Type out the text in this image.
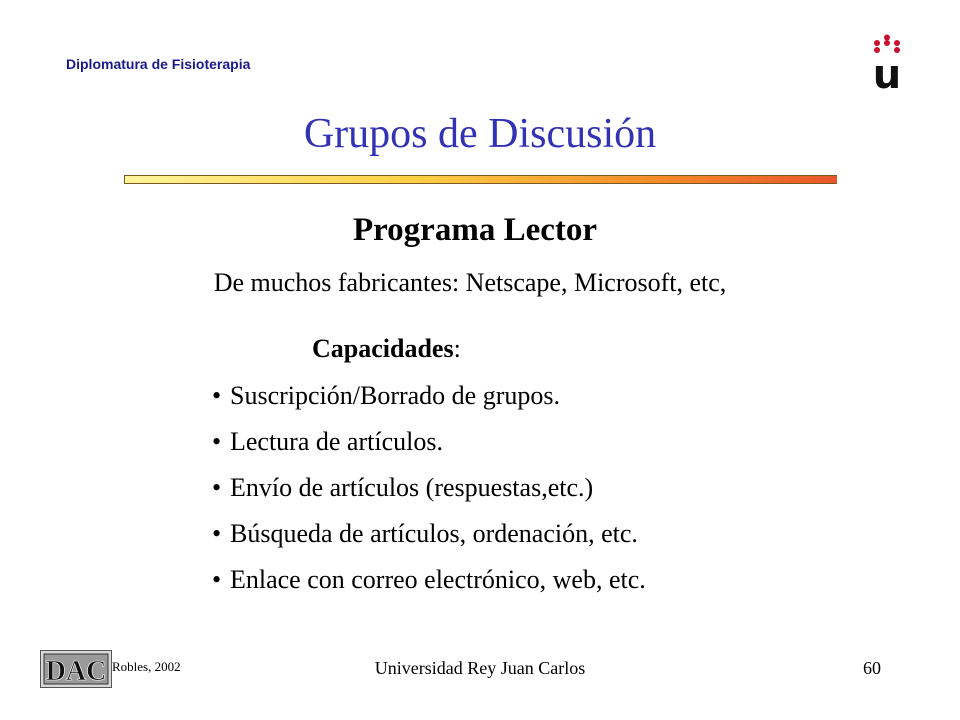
Diplomatura de Fisioterapia	u
Grupos de Discusión
Programa Lector
De muchos fabricantes: Netscape, Microsoft, etc,
Capacidades:
• Suscripción/Borrado de grupos.
• Lectura de artículos.
• Envío de artículos (respuestas,etc.)
• Búsqueda de artículos, ordenación, etc.
• Enlace con correo electrónico, web, etc.
DAC Robles, 2002	Universidad Rey Juan Carlos	60
